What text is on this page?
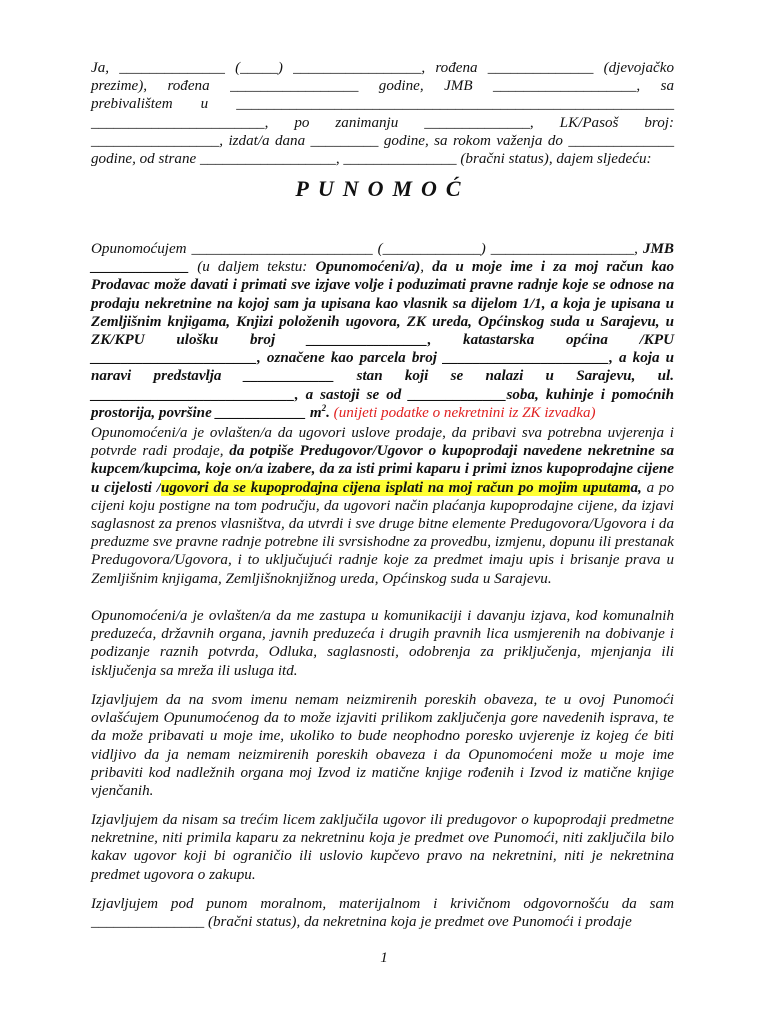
Ja, ______________ (_____) _________________, rođena ______________ (djevojačko

prezime), rođena _________________ godine, JMB ___________________, sa

prebivalištem u __________________________________________________________

_______________________, po zanimanju ______________, LK/Pasoš broj:

_________________, izdat/a dana _________ godine, sa rokom važenja do ______________

godine, od strane __________________, _______________ (bračni status), dajem sljedeću:

PUNOMOĆ

Opunomoćujem ________________________ (_____________) ___________________, JMB _____________ (u daljem tekstu: Opunomoćeni/a), da u moje ime i za moj račun kao Prodavac može davati i primati sve izjave volje i poduzimati pravne radnje koje se odnose na prodaju nekretnine na kojoj sam ja upisana kao vlasnik sa dijelom 1/1, a koja je upisana u Zemljišnim knjigama, Knjizi položenih ugovora, ZK ureda, Općinskog suda u Sarajevu, u ZK/KPU ulošku broj ________________, katastarska općina /KPU ______________________, označene kao parcela broj ______________________, a koja u naravi predstavlja ____________ stan koji se nalazi u Sarajevu, ul. ___________________________, a sastoji se od _____________soba, kuhinje i pomoćnih prostorija, površine ____________ $m^2$. (unijeti podatke o nekretnini iz ZK izvadka)

Opunomoćeni/a je ovlašten/a da ugovori uslove prodaje, da pribavi sva potrebna uvjerenja i potvrde radi prodaje, da potpiše Predugovor/Ugovor o kupoprodaji navedene nekretnine sa kupcem/kupcima, koje on/a izabere, da za isti primi kaparu i primi iznos kupoprodajne cijene u cijelosti /ugovori da se kupoprodajna cijena isplati na moj račun po mojim uputama, a po cijeni koju postigne na tom području, da ugovori način plaćanja kupoprodajne cijene, da izjavi saglasnost za prenos vlasništva, da utvrdi i sve druge bitne elemente Predugovora/Ugovora i da preduzme sve pravne radnje potrebne ili svrsishodne za provedbu, izmjenu, dopunu ili prestanak Predugovora/Ugovora, i to uključujući radnje koje za predmet imaju upis i brisanje prava u Zemljišnim knjigama, Zemljišnoknjižnog ureda, Općinskog suda u Sarajevu.

Opunomoćeni/a je ovlašten/a da me zastupa u komunikaciji i davanju izjava, kod komunalnih preduzeća, državnih organa, javnih preduzeća i drugih pravnih lica usmjerenih na dobivanje i podizanje raznih potvrda, Odluka, saglasnosti, odobrenja za priključenja, mjenjanja ili isključenja sa mreža ili usluga itd.

Izjavljujem da na svom imenu nemam neizmirenih poreskih obaveza, te u ovoj Punomoći ovlašćujem Opunumoćenog da to može izjaviti prilikom zaključenja gore navedenih isprava, te da može pribavati u moje ime, ukoliko to bude neophodno poresko uvjerenje iz kojeg će biti vidljivo da ja nemam neizmirenih poreskih obaveza i da Opunomoćeni može u moje ime pribaviti kod nadležnih organa moj Izvod iz matične knjige rođenih i Izvod iz matične knjige vjenčanih.

Izjavljujem da nisam sa trećim licem zaključila ugovor ili predugovor o kupoprodaji predmetne nekretnine, niti primila kaparu za nekretninu koja je predmet ove Punomoći, niti zaključila bilo kakav ugovor koji bi ograničio ili uslovio kupčevo pravo na nekretnini, niti je nekretnina predmet ugovora o zakupu.

Izjavljujem pod punom moralnom, materijalnom i krivičnom odgovornošću da sam _______________ (bračni status), da nekretnina koja je predmet ove Punomoći i prodaje

1
